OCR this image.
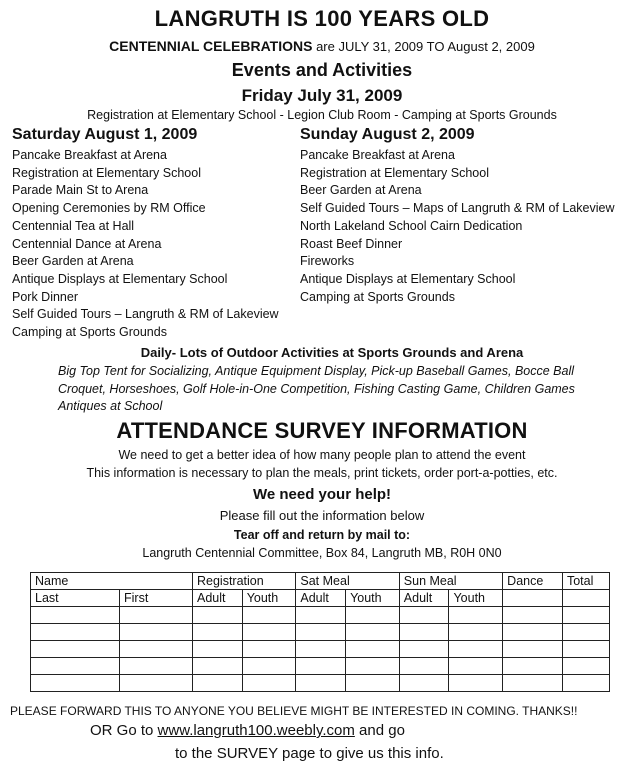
LANGRUTH IS 100 YEARS OLD
CENTENNIAL CELEBRATIONS are JULY 31, 2009 TO August 2, 2009
Events and Activities
Friday July 31, 2009
Registration at Elementary School - Legion Club Room - Camping at Sports Grounds
Saturday August 1, 2009
Pancake Breakfast at Arena
Registration at Elementary School
Parade Main St to Arena
Opening Ceremonies by RM Office
Centennial Tea at Hall
Centennial Dance at Arena
Beer Garden at Arena
Antique Displays at Elementary School
Pork Dinner
Self Guided Tours – Langruth & RM of Lakeview
Camping at Sports Grounds
Sunday August 2, 2009
Pancake Breakfast at Arena
Registration at Elementary School
Beer Garden at Arena
Self Guided Tours – Maps of Langruth & RM of Lakeview
North Lakeland School Cairn Dedication
Roast Beef Dinner
Fireworks
Antique Displays at Elementary School
Camping at Sports Grounds
Daily- Lots of Outdoor Activities at Sports Grounds and Arena
Big Top Tent for Socializing, Antique Equipment Display, Pick-up Baseball Games, Bocce Ball
Croquet, Horseshoes, Golf Hole-in-One Competition, Fishing Casting Game, Children Games
Antiques at School
ATTENDANCE SURVEY INFORMATION
We need to get a better idea of how many people plan to attend the event
This information is necessary to plan the meals, print tickets, order port-a-potties, etc.
We need your help!
Please fill out the information below
Tear off and return by mail to:
Langruth Centennial Committee, Box 84, Langruth MB, R0H 0N0
Name		Registration		Sat Meal		Sun Meal		Dance	Total
Last	First	Adult	Youth	Adult	Youth	Adult	Youth		

PLEASE FORWARD THIS TO ANYONE YOU BELIEVE MIGHT BE INTERESTED IN COMING. THANKS!!
OR Go to www.langruth100.weebly.com and go
to the SURVEY page to give us this info.
